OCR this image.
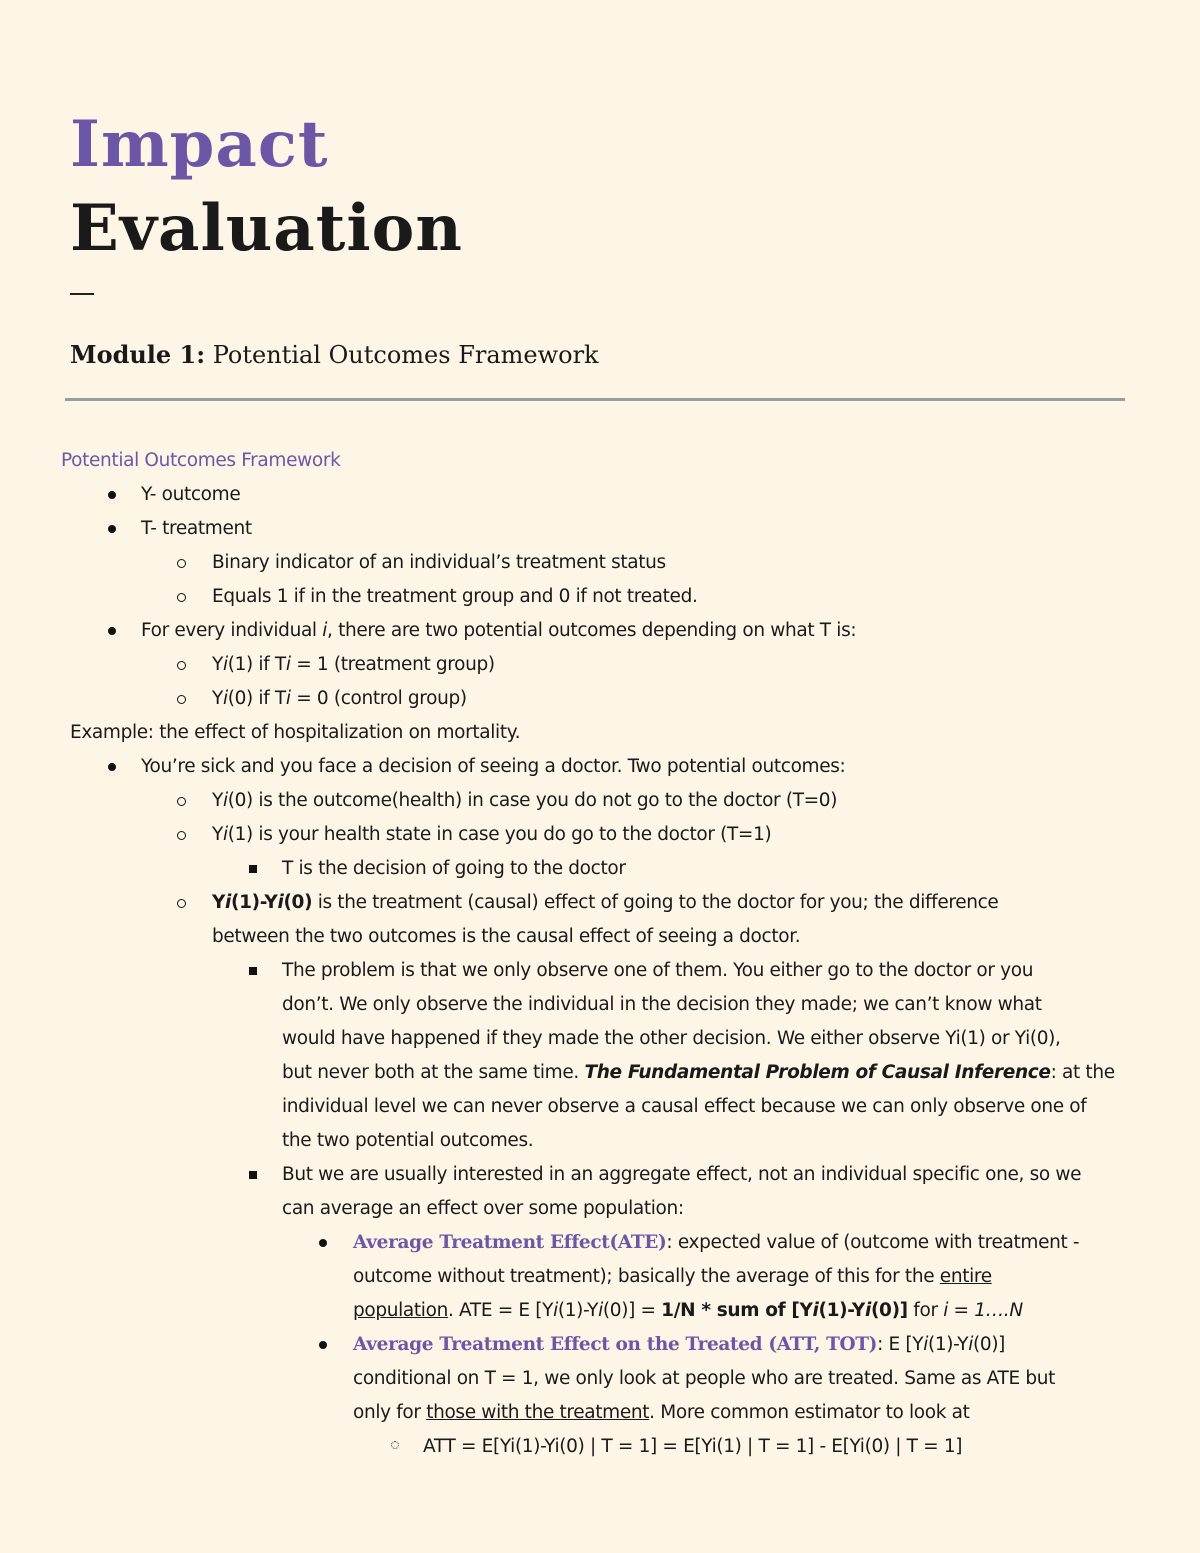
Impact
Evaluation
Module 1: Potential Outcomes Framework
Potential Outcomes Framework
Y- outcome
T- treatment
Binary indicator of an individual’s treatment status
Equals 1 if in the treatment group and 0 if not treated.
For every individual i, there are two potential outcomes depending on what T is:
Yi(1) if Ti = 1 (treatment group)
Yi(0) if Ti = 0 (control group)
Example: the effect of hospitalization on mortality.
You’re sick and you face a decision of seeing a doctor. Two potential outcomes:
Yi(0) is the outcome(health) in case you do not go to the doctor (T=0)
Yi(1) is your health state in case you do go to the doctor (T=1)
T is the decision of going to the doctor
Yi(1)-Yi(0) is the treatment (causal) effect of going to the doctor for you; the difference
between the two outcomes is the causal effect of seeing a doctor.
The problem is that we only observe one of them. You either go to the doctor or you
don’t. We only observe the individual in the decision they made; we can’t know what
would have happened if they made the other decision. We either observe Yi(1) or Yi(0),
but never both at the same time. The Fundamental Problem of Causal Inference: at the
individual level we can never observe a causal effect because we can only observe one of
the two potential outcomes.
But we are usually interested in an aggregate effect, not an individual specific one, so we
can average an effect over some population:
Average Treatment Effect(ATE): expected value of (outcome with treatment -
outcome without treatment); basically the average of this for the entire
population. ATE = E [Yi(1)-Yi(0)] = 1/N * sum of [Yi(1)-Yi(0)] for i = 1….N
Average Treatment Effect on the Treated (ATT, TOT): E [Yi(1)-Yi(0)]
conditional on T = 1, we only look at people who are treated. Same as ATE but
only for those with the treatment. More common estimator to look at
ATT = E[Yi(1)-Yi(0) | T = 1] = E[Yi(1) | T = 1] - E[Yi(0) | T = 1]
